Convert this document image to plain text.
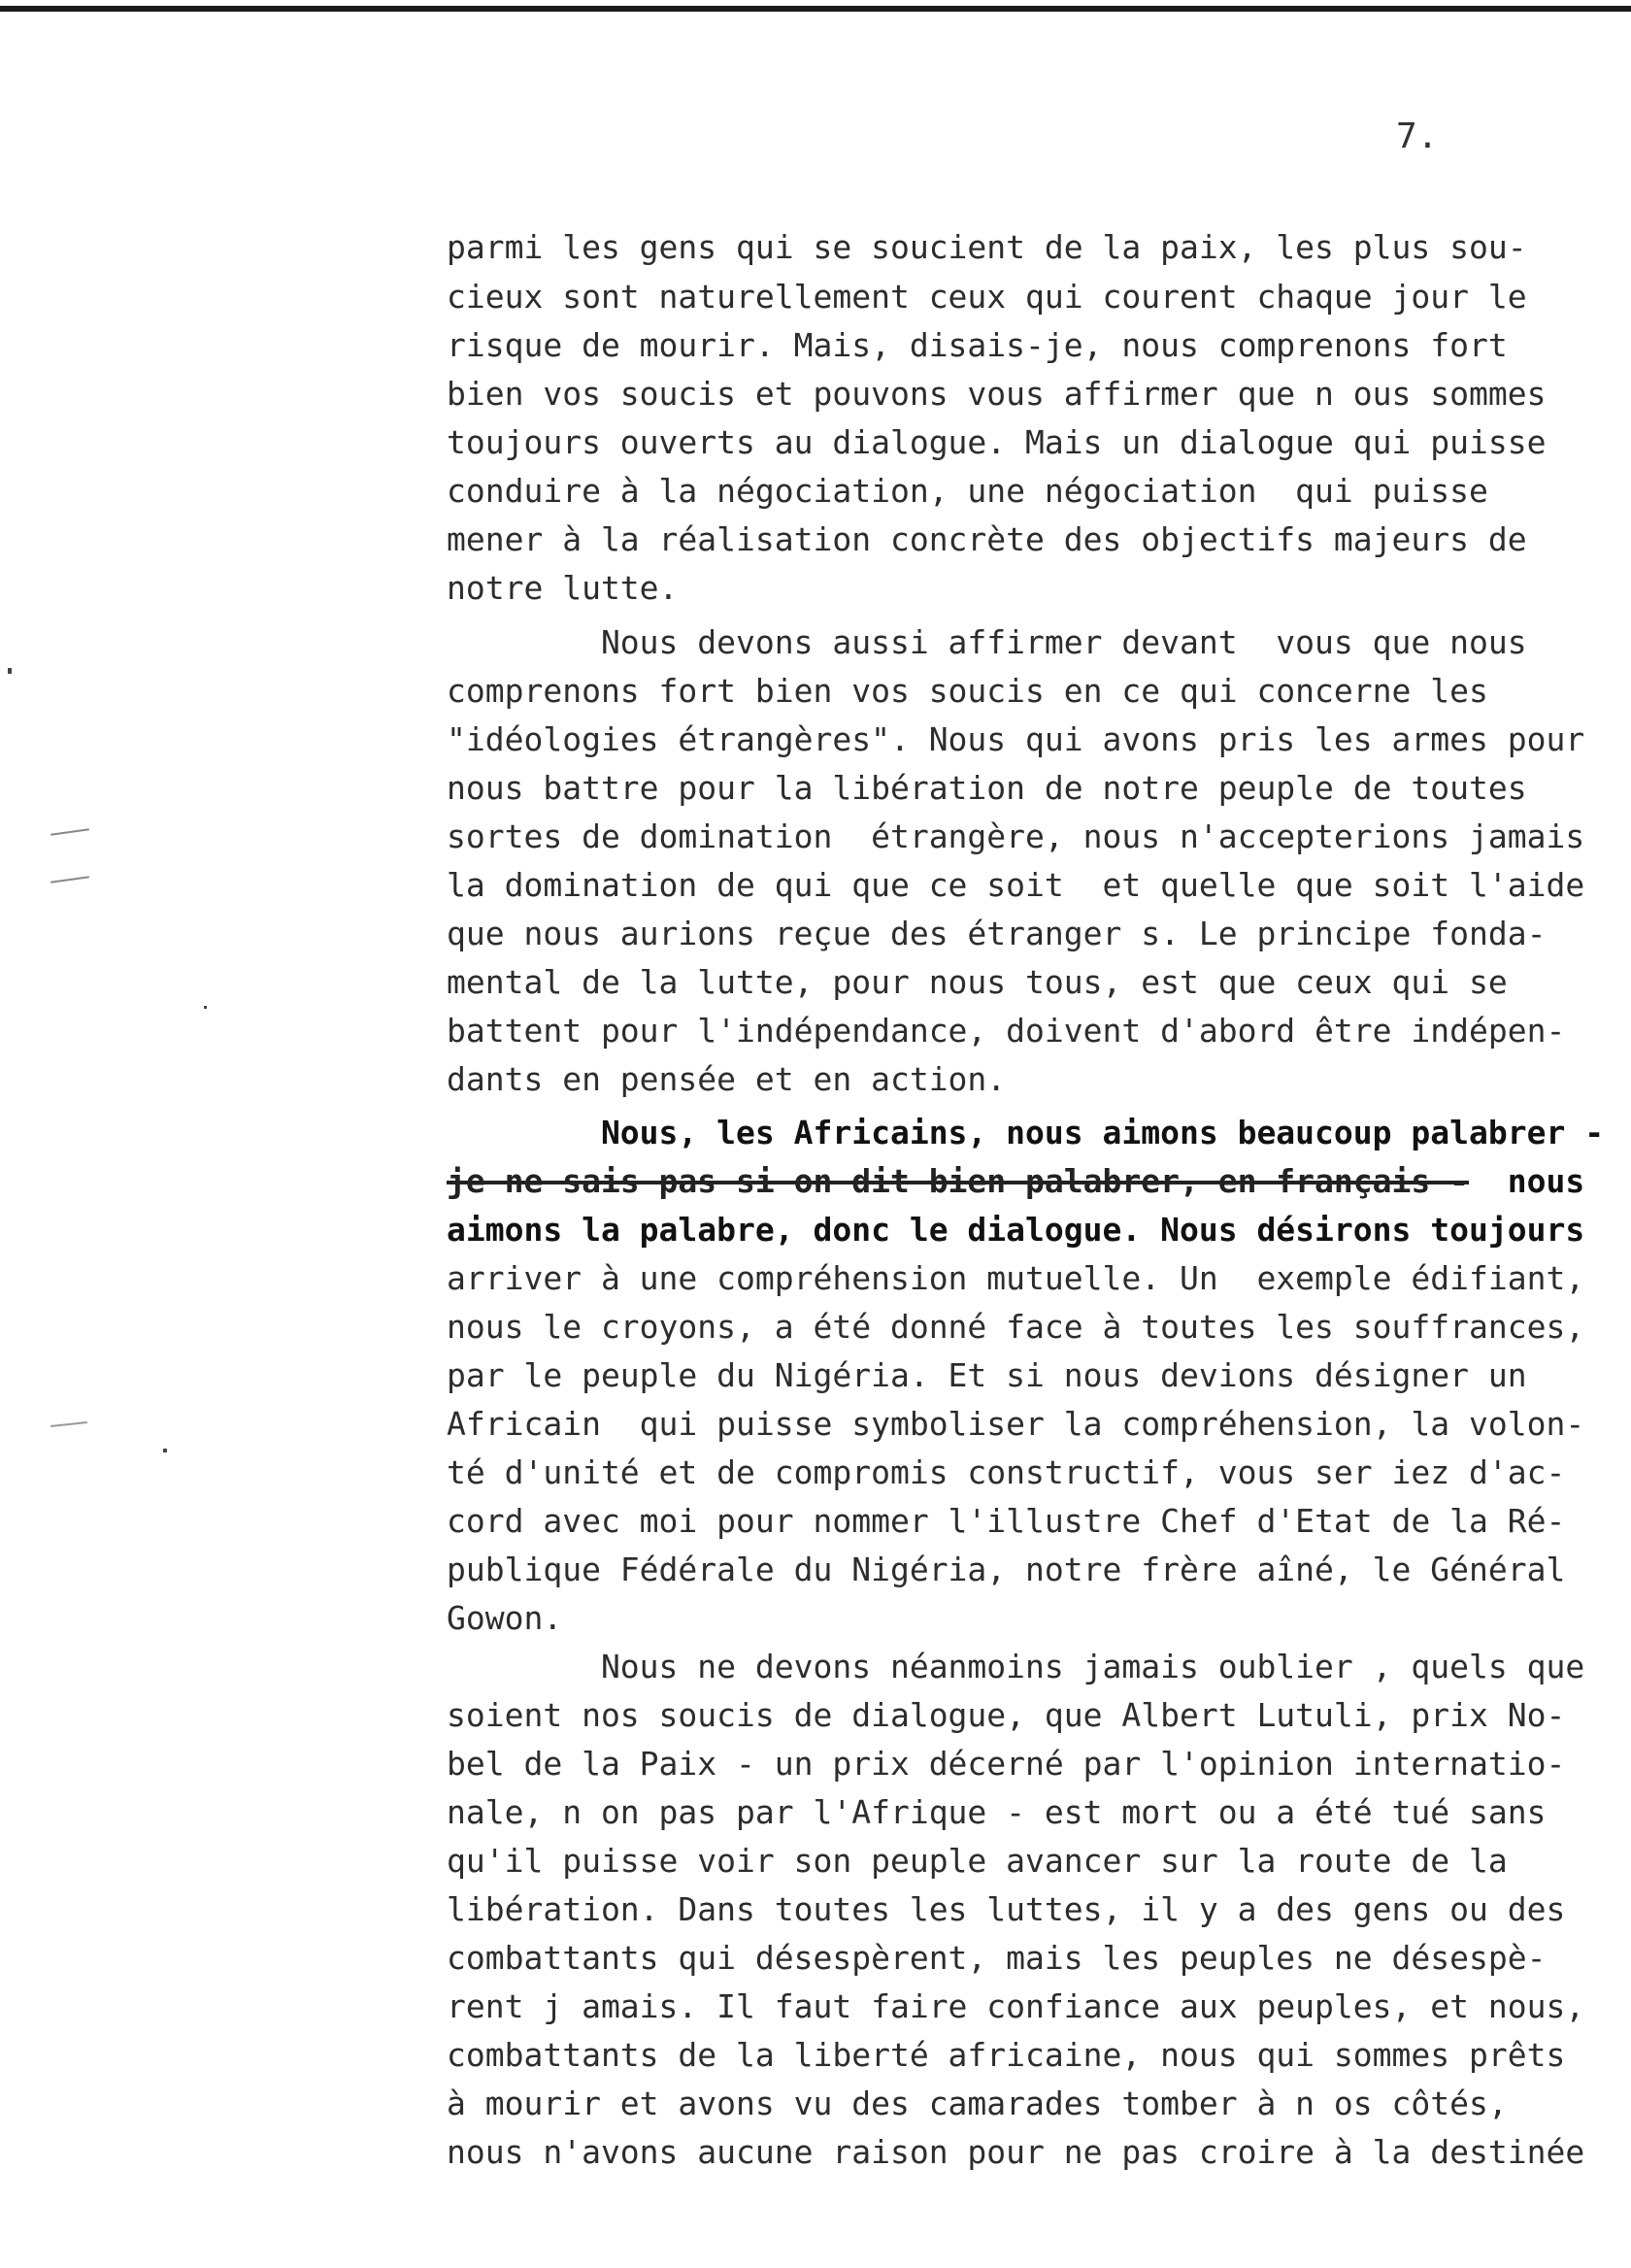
7.
parmi les gens qui se soucient de la paix, les plus sou-
cieux sont naturellement ceux qui courent chaque jour le
risque de mourir. Mais, disais-je, nous comprenons fort
bien vos soucis et pouvons vous affirmer que n ous sommes
toujours ouverts au dialogue. Mais un dialogue qui puisse
conduire à la négociation, une négociation  qui puisse
mener à la réalisation concrète des objectifs majeurs de
notre lutte.
Nous devons aussi affirmer devant  vous que nous
comprenons fort bien vos soucis en ce qui concerne les
"idéologies étrangères". Nous qui avons pris les armes pour
nous battre pour la libération de notre peuple de toutes
sortes de domination  étrangère, nous n'accepterions jamais
la domination de qui que ce soit  et quelle que soit l'aide
que nous aurions reçue des étranger s. Le principe fonda-
mental de la lutte, pour nous tous, est que ceux qui se
battent pour l'indépendance, doivent d'abord être indépen-
dants en pensée et en action.
Nous, les Africains, nous aimons beaucoup palabrer -
je ne sais pas si on dit bien palabrer, en français -  nous
aimons la palabre, donc le dialogue. Nous désirons toujours
arriver à une compréhension mutuelle. Un  exemple édifiant,
nous le croyons, a été donné face à toutes les souffrances,
par le peuple du Nigéria. Et si nous devions désigner un
Africain  qui puisse symboliser la compréhension, la volon-
té d'unité et de compromis constructif, vous ser iez d'ac-
cord avec moi pour nommer l'illustre Chef d'Etat de la Ré-
publique Fédérale du Nigéria, notre frère aîné, le Général
Gowon.
Nous ne devons néanmoins jamais oublier , quels que
soient nos soucis de dialogue, que Albert Lutuli, prix No-
bel de la Paix - un prix décerné par l'opinion internatio-
nale, n on pas par l'Afrique - est mort ou a été tué sans
qu'il puisse voir son peuple avancer sur la route de la
libération. Dans toutes les luttes, il y a des gens ou des
combattants qui désespèrent, mais les peuples ne désespè-
rent j amais. Il faut faire confiance aux peuples, et nous,
combattants de la liberté africaine, nous qui sommes prêts
à mourir et avons vu des camarades tomber à n os côtés,
nous n'avons aucune raison pour ne pas croire à la destinée
